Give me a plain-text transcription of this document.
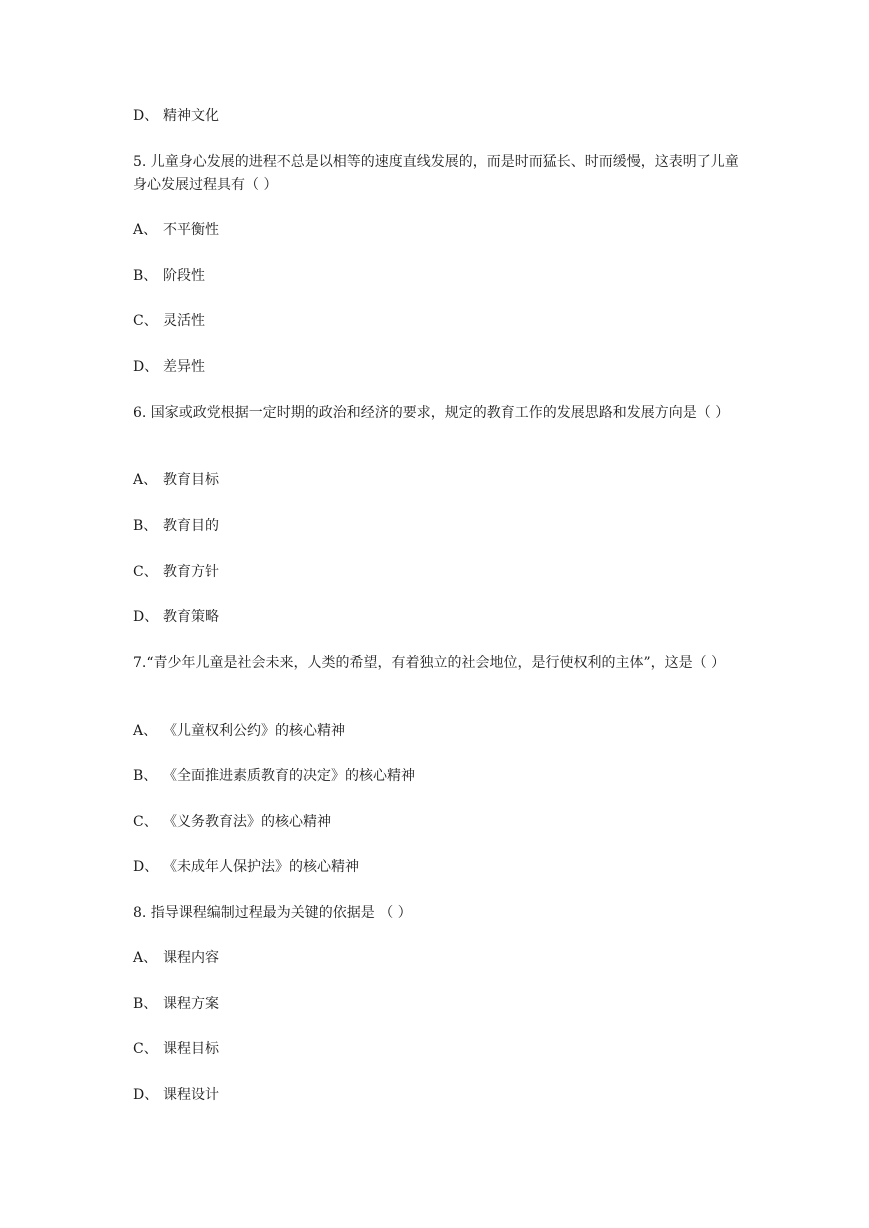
D、 精神文化
5. 儿童身心发展的进程不总是以相等的速度直线发展的，而是时而猛长、时而缓慢，这表明了儿童身心发展过程具有（ ）
A、 不平衡性
B、 阶段性
C、 灵活性
D、 差异性
6. 国家或政党根据一定时期的政治和经济的要求，规定的教育工作的发展思路和发展方向是（ ）
A、 教育目标
B、 教育目的
C、 教育方针
D、 教育策略
7.“青少年儿童是社会未来，人类的希望，有着独立的社会地位，是行使权利的主体”，这是（ ）
A、 《儿童权利公约》的核心精神
B、 《全面推进素质教育的决定》的核心精神
C、 《义务教育法》的核心精神
D、 《未成年人保护法》的核心精神
8. 指导课程编制过程最为关键的依据是 （ ）
A、 课程内容
B、 课程方案
C、 课程目标
D、 课程设计
